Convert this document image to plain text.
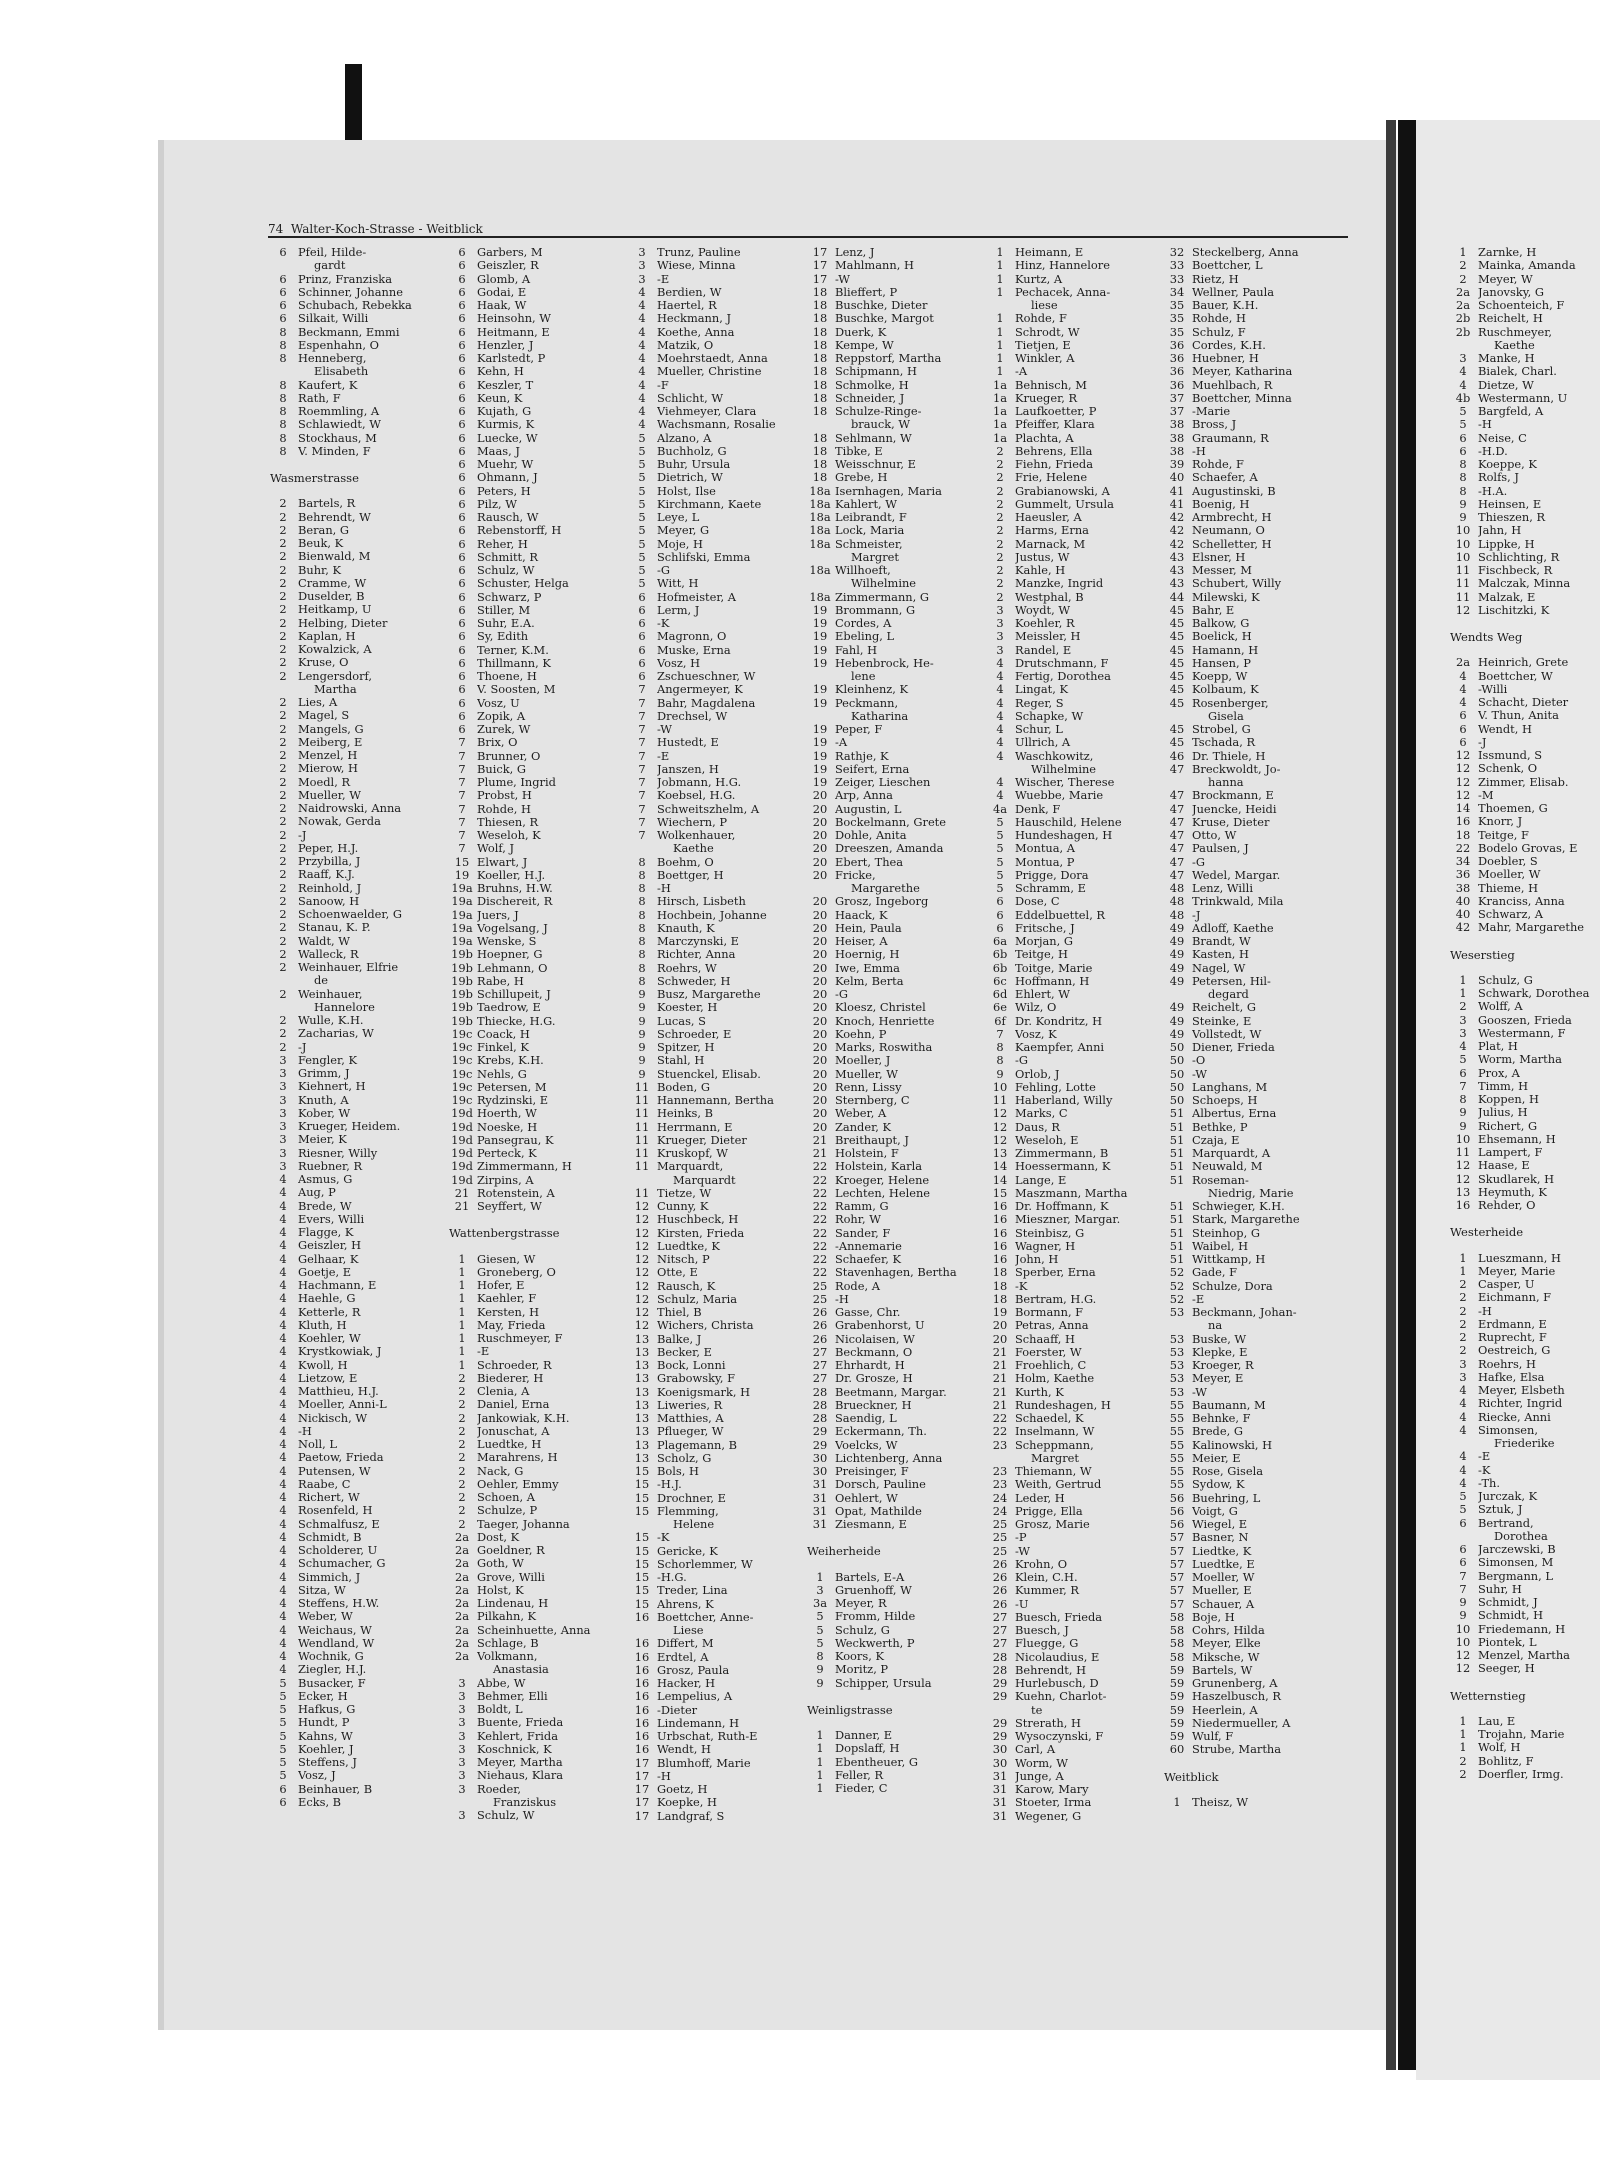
74 Walter-Koch-Strasse - Weitblick
6 Pfeil, Hilde-
gardt
6 Prinz, Franziska
6 Schinner, Johanne
6 Schubach, Rebekka
6 Silkait, Willi
8 Beckmann, Emmi
8 Espenhahn, O
8 Henneberg,
Elisabeth
8 Kaufert, K
8 Rath, F
8 Roemmling, A
8 Schlawiedt, W
8 Stockhaus, M
8 V. Minden, F
Wasmerstrasse
2 Bartels, R
2 Behrendt, W
2 Beran, G
2 Beuk, K
2 Bienwald, M
2 Buhr, K
2 Cramme, W
2 Duselder, B
2 Heitkamp, U
2 Helbing, Dieter
2 Kaplan, H
2 Kowalzick, A
2 Kruse, O
2 Lengersdorf,
Martha
2 Lies, A
2 Magel, S
2 Mangels, G
2 Meiberg, E
2 Menzel, H
2 Mierow, H
2 Moedl, R
2 Mueller, W
2 Naidrowski, Anna
2 Nowak, Gerda
2 -J
2 Peper, H.J.
2 Przybilla, J
2 Raaff, K.J.
2 Reinhold, J
2 Sanoow, H
2 Schoenwaelder, G
2 Stanau, K. P.
2 Waldt, W
2 Walleck, R
2 Weinhauer, Elfrie
de
2 Weinhauer,
Hannelore
2 Wulle, K.H.
2 Zacharias, W
2 -J
3 Fengler, K
3 Grimm, J
3 Kiehnert, H
3 Knuth, A
3 Kober, W
3 Krueger, Heidem.
3 Meier, K
3 Riesner, Willy
3 Ruebner, R
4 Asmus, G
4 Aug, P
4 Brede, W
4 Evers, Willi
4 Flagge, K
4 Geiszler, H
4 Gelhaar, K
4 Goetje, E
4 Hachmann, E
4 Haehle, G
4 Ketterle, R
4 Kluth, H
4 Koehler, W
4 Krystkowiak, J
4 Kwoll, H
4 Lietzow, E
4 Matthieu, H.J.
4 Moeller, Anni-L
4 Nickisch, W
4 -H
4 Noll, L
4 Paetow, Frieda
4 Putensen, W
4 Raabe, C
4 Richert, W
4 Rosenfeld, H
4 Schmalfusz, E
4 Schmidt, B
4 Scholderer, U
4 Schumacher, G
4 Simmich, J
4 Sitza, W
4 Steffens, H.W.
4 Weber, W
4 Weichaus, W
4 Wendland, W
4 Wochnik, G
4 Ziegler, H.J.
5 Busacker, F
5 Ecker, H
5 Hafkus, G
5 Hundt, P
5 Kahns, W
5 Koehler, J
5 Steffens, J
5 Vosz, J
6 Beinhauer, B
6 Ecks, B
6 Garbers, M
6 Geiszler, R
6 Glomb, A
6 Godai, E
6 Haak, W
6 Heinsohn, W
6 Heitmann, E
6 Henzler, J
6 Karlstedt, P
6 Kehn, H
6 Keszler, T
6 Keun, K
6 Kujath, G
6 Kurmis, K
6 Luecke, W
6 Maas, J
6 Muehr, W
6 Ohmann, J
6 Peters, H
6 Pilz, W
6 Rausch, W
6 Rebenstorff, H
6 Reher, H
6 Schmitt, R
6 Schulz, W
6 Schuster, Helga
6 Schwarz, P
6 Stiller, M
6 Suhr, E.A.
6 Sy, Edith
6 Terner, K.M.
6 Thillmann, K
6 Thoene, H
6 V. Soosten, M
6 Vosz, U
6 Zopik, A
6 Zurek, W
7 Brix, O
7 Brunner, O
7 Buick, G
7 Plume, Ingrid
7 Probst, H
7 Rohde, H
7 Thiesen, R
7 Weseloh, K
7 Wolf, J
15 Elwart, J
19 Koeller, H.J.
19a Bruhns, H.W.
19a Dischereit, R
19a Juers, J
19a Vogelsang, J
19a Wenske, S
19b Hoepner, G
19b Lehmann, O
19b Rabe, H
19b Schillupeit, J
19b Taedrow, E
19b Thiecke, H.G.
19c Coack, H
19c Finkel, K
19c Krebs, K.H.
19c Nehls, G
19c Petersen, M
19c Rydzinski, E
19d Hoerth, W
19d Noeske, H
19d Pansegrau, K
19d Perteck, K
19d Zimmermann, H
19d Zirpins, A
21 Rotenstein, A
21 Seyffert, W
Wattenbergstrasse
1 Giesen, W
1 Groneberg, O
1 Hofer, E
1 Kaehler, F
1 Kersten, H
1 May, Frieda
1 Ruschmeyer, F
1 -E
1 Schroeder, R
2 Biederer, H
2 Clenia, A
2 Daniel, Erna
2 Jankowiak, K.H.
2 Jonuschat, A
2 Luedtke, H
2 Marahrens, H
2 Nack, G
2 Oehler, Emmy
2 Schoen, A
2 Schulze, P
2 Taeger, Johanna
2a Dost, K
2a Goeldner, R
2a Goth, W
2a Grove, Willi
2a Holst, K
2a Lindenau, H
2a Pilkahn, K
2a Scheinhuette, Anna
2a Schlage, B
2a Volkmann,
Anastasia
3 Abbe, W
3 Behmer, Elli
3 Boldt, L
3 Buente, Frieda
3 Kehlert, Frida
3 Koschnick, K
3 Meyer, Martha
3 Niehaus, Klara
3 Roeder,
Franziskus
3 Schulz, W
3 Trunz, Pauline
3 Wiese, Minna
3 -E
4 Berdien, W
4 Haertel, R
4 Heckmann, J
4 Koethe, Anna
4 Matzik, O
4 Moehrstaedt, Anna
4 Mueller, Christine
4 -F
4 Schlicht, W
4 Viehmeyer, Clara
4 Wachsmann, Rosalie
5 Alzano, A
5 Buchholz, G
5 Buhr, Ursula
5 Dietrich, W
5 Holst, Ilse
5 Kirchmann, Kaete
5 Leye, L
5 Meyer, G
5 Moje, H
5 Schlifski, Emma
5 -G
5 Witt, H
6 Hofmeister, A
6 Lerm, J
6 -K
6 Magronn, O
6 Muske, Erna
6 Vosz, H
6 Zschueschner, W
7 Angermeyer, K
7 Bahr, Magdalena
7 Drechsel, W
7 -W
7 Hustedt, E
7 -E
7 Janszen, H
7 Jobmann, H.G.
7 Koebsel, H.G.
7 Schweitszhelm, A
7 Wiechern, P
7 Wolkenhauer,
Kaethe
8 Boehm, O
8 Boettger, H
8 -H
8 Hirsch, Lisbeth
8 Hochbein, Johanne
8 Knauth, K
8 Marczynski, E
8 Richter, Anna
8 Roehrs, W
8 Schweder, H
9 Busz, Margarethe
9 Koester, H
9 Lucas, S
9 Schroeder, E
9 Spitzer, H
9 Stahl, H
9 Stuenckel, Elisab.
11 Boden, G
11 Hannemann, Bertha
11 Heinks, B
11 Herrmann, E
11 Krueger, Dieter
11 Kruskopf, W
11 Marquardt,
Marquardt
11 Tietze, W
12 Cunny, K
12 Huschbeck, H
12 Kirsten, Frieda
12 Luedtke, K
12 Nitsch, P
12 Otte, E
12 Rausch, K
12 Schulz, Maria
12 Thiel, B
12 Wichers, Christa
13 Balke, J
13 Becker, E
13 Bock, Lonni
13 Grabowsky, F
13 Koenigsmark, H
13 Liweries, R
13 Matthies, A
13 Pflueger, W
13 Plagemann, B
13 Scholz, G
15 Bols, H
15 -H.J.
15 Drochner, E
15 Flemming,
Helene
15 -K
15 Gericke, K
15 Schorlemmer, W
15 -H.G.
15 Treder, Lina
15 Ahrens, K
16 Boettcher, Anne-
Liese
16 Differt, M
16 Erdtel, A
16 Grosz, Paula
16 Hacker, H
16 Lempelius, A
16 -Dieter
16 Lindemann, H
16 Urbschat, Ruth-E
16 Wendt, H
17 Blumhoff, Marie
17 -H
17 Goetz, H
17 Koepke, H
17 Landgraf, S
17 Lenz, J
17 Mahlmann, H
17 -W
18 Blieffert, P
18 Buschke, Dieter
18 Buschke, Margot
18 Duerk, K
18 Kempe, W
18 Reppstorf, Martha
18 Schipmann, H
18 Schmolke, H
18 Schneider, J
18 Schulze-Ringe-
brauck, W
18 Sehlmann, W
18 Tibke, E
18 Weisschnur, E
18 Grebe, H
18a Isernhagen, Maria
18a Kahlert, W
18a Leibrandt, F
18a Lock, Maria
18a Schmeister,
Margret
18a Willhoeft,
Wilhelmine
18a Zimmermann, G
19 Brommann, G
19 Cordes, A
19 Ebeling, L
19 Fahl, H
19 Hebenbrock, He-
lene
19 Kleinhenz, K
19 Peckmann,
Katharina
19 Peper, F
19 -A
19 Rathje, K
19 Seifert, Erna
19 Zeiger, Lieschen
20 Arp, Anna
20 Augustin, L
20 Bockelmann, Grete
20 Dohle, Anita
20 Dreeszen, Amanda
20 Ebert, Thea
20 Fricke,
Margarethe
20 Grosz, Ingeborg
20 Haack, K
20 Hein, Paula
20 Heiser, A
20 Hoernig, H
20 Iwe, Emma
20 Kelm, Berta
20 -G
20 Kloesz, Christel
20 Knoch, Henriette
20 Koehn, P
20 Marks, Roswitha
20 Moeller, J
20 Mueller, W
20 Renn, Lissy
20 Sternberg, C
20 Weber, A
20 Zander, K
21 Breithaupt, J
21 Holstein, F
22 Holstein, Karla
22 Kroeger, Helene
22 Lechten, Helene
22 Ramm, G
22 Rohr, W
22 Sander, F
22 -Annemarie
22 Schaefer, K
22 Stavenhagen, Bertha
25 Rode, A
25 -H
26 Gasse, Chr.
26 Grabenhorst, U
26 Nicolaisen, W
27 Beckmann, O
27 Ehrhardt, H
27 Dr. Grosze, H
28 Beetmann, Margar.
28 Brueckner, H
28 Saendig, L
29 Eckermann, Th.
29 Voelcks, W
30 Lichtenberg, Anna
30 Preisinger, F
31 Dorsch, Pauline
31 Oehlert, W
31 Opat, Mathilde
31 Ziesmann, E
Weiherheide
1 Bartels, E-A
3 Gruenhoff, W
3a Meyer, R
5 Fromm, Hilde
5 Schulz, G
5 Weckwerth, P
8 Koors, K
9 Moritz, P
9 Schipper, Ursula
Weinligstrasse
1 Danner, E
1 Dopslaff, H
1 Ebentheuer, G
1 Feller, R
1 Fieder, C
1 Heimann, E
1 Hinz, Hannelore
1 Kurtz, A
1 Pechacek, Anna-
liese
1 Rohde, F
1 Schrodt, W
1 Tietjen, E
1 Winkler, A
1 -A
1a Behnisch, M
1a Krueger, R
1a Laufkoetter, P
1a Pfeiffer, Klara
1a Plachta, A
2 Behrens, Ella
2 Fiehn, Frieda
2 Frie, Helene
2 Grabianowski, A
2 Gummelt, Ursula
2 Haeusler, A
2 Harms, Erna
2 Marnack, M
2 Justus, W
2 Kahle, H
2 Manzke, Ingrid
2 Westphal, B
3 Woydt, W
3 Koehler, R
3 Meissler, H
3 Randel, E
4 Drutschmann, F
4 Fertig, Dorothea
4 Lingat, K
4 Reger, S
4 Schapke, W
4 Schur, L
4 Ullrich, A
4 Waschkowitz,
Wilhelmine
4 Wischer, Therese
4 Wuebbe, Marie
4a Denk, F
5 Hauschild, Helene
5 Hundeshagen, H
5 Montua, A
5 Montua, P
5 Prigge, Dora
5 Schramm, E
6 Dose, C
6 Eddelbuettel, R
6 Fritsche, J
6a Morjan, G
6b Teitge, H
6b Toitge, Marie
6c Hoffmann, H
6d Ehlert, W
6e Wilz, O
6f Dr. Kondritz, H
7 Vosz, K
8 Kaempfer, Anni
8 -G
9 Orlob, J
10 Fehling, Lotte
11 Haberland, Willy
12 Marks, C
12 Daus, R
12 Weseloh, E
13 Zimmermann, B
14 Hoessermann, K
14 Lange, E
15 Maszmann, Martha
16 Dr. Hoffmann, K
16 Mieszner, Margar.
16 Steinbisz, G
16 Wagner, H
16 John, H
18 Sperber, Erna
18 -K
18 Bertram, H.G.
19 Bormann, F
20 Petras, Anna
20 Schaaff, H
21 Foerster, W
21 Froehlich, C
21 Holm, Kaethe
21 Kurth, K
21 Rundeshagen, H
22 Schaedel, K
22 Inselmann, W
23 Scheppmann,
Margret
23 Thiemann, W
23 Weith, Gertrud
24 Leder, H
24 Prigge, Ella
25 Grosz, Marie
25 -P
25 -W
26 Krohn, O
26 Klein, C.H.
26 Kummer, R
26 -U
27 Buesch, Frieda
27 Buesch, J
27 Fluegge, G
28 Nicolaudius, E
28 Behrendt, H
29 Hurlebusch, D
29 Kuehn, Charlot-
te
29 Strerath, H
29 Wysoczynski, F
30 Carl, A
30 Worm, W
31 Junge, A
31 Karow, Mary
31 Stoeter, Irma
31 Wegener, G
32 Steckelberg, Anna
33 Boettcher, L
33 Rietz, H
34 Wellner, Paula
35 Bauer, K.H.
35 Rohde, H
35 Schulz, F
36 Cordes, K.H.
36 Huebner, H
36 Meyer, Katharina
36 Muehlbach, R
37 Boettcher, Minna
37 -Marie
38 Bross, J
38 Graumann, R
38 -H
39 Rohde, F
40 Schaefer, A
41 Augustinski, B
41 Boenig, H
42 Armbrecht, H
42 Neumann, O
42 Schelletter, H
43 Elsner, H
43 Messer, M
43 Schubert, Willy
44 Milewski, K
45 Bahr, E
45 Balkow, G
45 Boelick, H
45 Hamann, H
45 Hansen, P
45 Koepp, W
45 Kolbaum, K
45 Rosenberger,
Gisela
45 Strobel, G
45 Tschada, R
46 Dr. Thiele, H
47 Breckwoldt, Jo-
hanna
47 Brockmann, E
47 Juencke, Heidi
47 Kruse, Dieter
47 Otto, W
47 Paulsen, J
47 -G
47 Wedel, Margar.
48 Lenz, Willi
48 Trinkwald, Mila
48 -J
49 Adloff, Kaethe
49 Brandt, W
49 Kasten, H
49 Nagel, W
49 Petersen, Hil-
degard
49 Reichelt, G
49 Steinke, E
49 Vollstedt, W
50 Diener, Frieda
50 -O
50 -W
50 Langhans, M
50 Schoeps, H
51 Albertus, Erna
51 Bethke, P
51 Czaja, E
51 Marquardt, A
51 Neuwald, M
51 Roseman-
Niedrig, Marie
51 Schwieger, K.H.
51 Stark, Margarethe
51 Steinhop, G
51 Waibel, H
51 Wittkamp, H
52 Gade, F
52 Schulze, Dora
52 -E
53 Beckmann, Johan-
na
53 Buske, W
53 Klepke, E
53 Kroeger, R
53 Meyer, E
53 -W
55 Baumann, M
55 Behnke, F
55 Brede, G
55 Kalinowski, H
55 Meier, E
55 Rose, Gisela
55 Sydow, K
56 Buehring, L
56 Voigt, G
56 Wiegel, E
57 Basner, N
57 Liedtke, K
57 Luedtke, E
57 Moeller, W
57 Mueller, E
57 Schauer, A
58 Boje, H
58 Cohrs, Hilda
58 Meyer, Elke
58 Mikschе, W
59 Bartels, W
59 Grunenberg, A
59 Haszelbusch, R
59 Heerlein, A
59 Niedermueller, A
59 Wulf, F
60 Strube, Martha
Weitblick
1 Theisz, W
1 Zarnke, H
2 Mainka, Amanda
2 Meyer, W
2a Janovsky, G
2a Schoenteich, F
2b Reichelt, H
2b Ruschmeyer,
Kaethe
3 Manke, H
4 Bialek, Charl.
4 Dietze, W
4b Westermann, U
5 Bargfeld, A
5 -H
6 Neise, C
6 -H.D.
8 Koeppe, K
8 Rolfs, J
8 -H.A.
9 Heinsen, E
9 Thieszen, R
10 Jahn, H
10 Lippke, H
10 Schlichting, R
11 Fischbeck, R
11 Malczak, Minna
11 Malzak, E
12 Lischitzki, K
Wendts Weg
2a Heinrich, Grete
4 Boettcher, W
4 -Willi
4 Schacht, Dieter
6 V. Thun, Anita
6 Wendt, H
6 -J
12 Issmund, S
12 Schenk, O
12 Zimmer, Elisab.
12 -M
14 Thoemen, G
16 Knorr, J
18 Teitge, F
22 Bodelo Grovas, E
34 Doebler, S
36 Moeller, W
38 Thieme, H
40 Kranciss, Anna
40 Schwarz, A
42 Mahr, Margarethe
Weserstieg
1 Schulz, G
1 Schwark, Dorothea
2 Wolff, A
3 Gooszen, Frieda
3 Westermann, F
4 Plat, H
5 Worm, Martha
6 Prox, A
7 Timm, H
8 Koppen, H
9 Julius, H
9 Richert, G
10 Ehsemann, H
11 Lampert, F
12 Haase, E
12 Skudlarek, H
13 Heymuth, K
16 Rehder, O
Westerheide
1 Lueszmann, H
1 Meyer, Marie
2 Casper, U
2 Eichmann, F
2 -H
2 Erdmann, E
2 Ruprecht, F
2 Oestreich, G
3 Roehrs, H
3 Hafke, Elsa
4 Meyer, Elsbeth
4 Richter, Ingrid
4 Riecke, Anni
4 Simonsen,
Friederike
4 -E
4 -K
4 -Th.
5 Jurczak, K
5 Sztuk, J
6 Bertrand,
Dorothea
6 Jarczewski, B
6 Simonsen, M
7 Bergmann, L
7 Suhr, H
9 Schmidt, J
9 Schmidt, H
10 Friedemann, H
10 Piontek, L
12 Menzel, Martha
12 Seeger, H
Wetternstieg
1 Lau, E
1 Trojahn, Marie
1 Wolf, H
2 Bohlitz, F
2 Doerfler, Irmg.
